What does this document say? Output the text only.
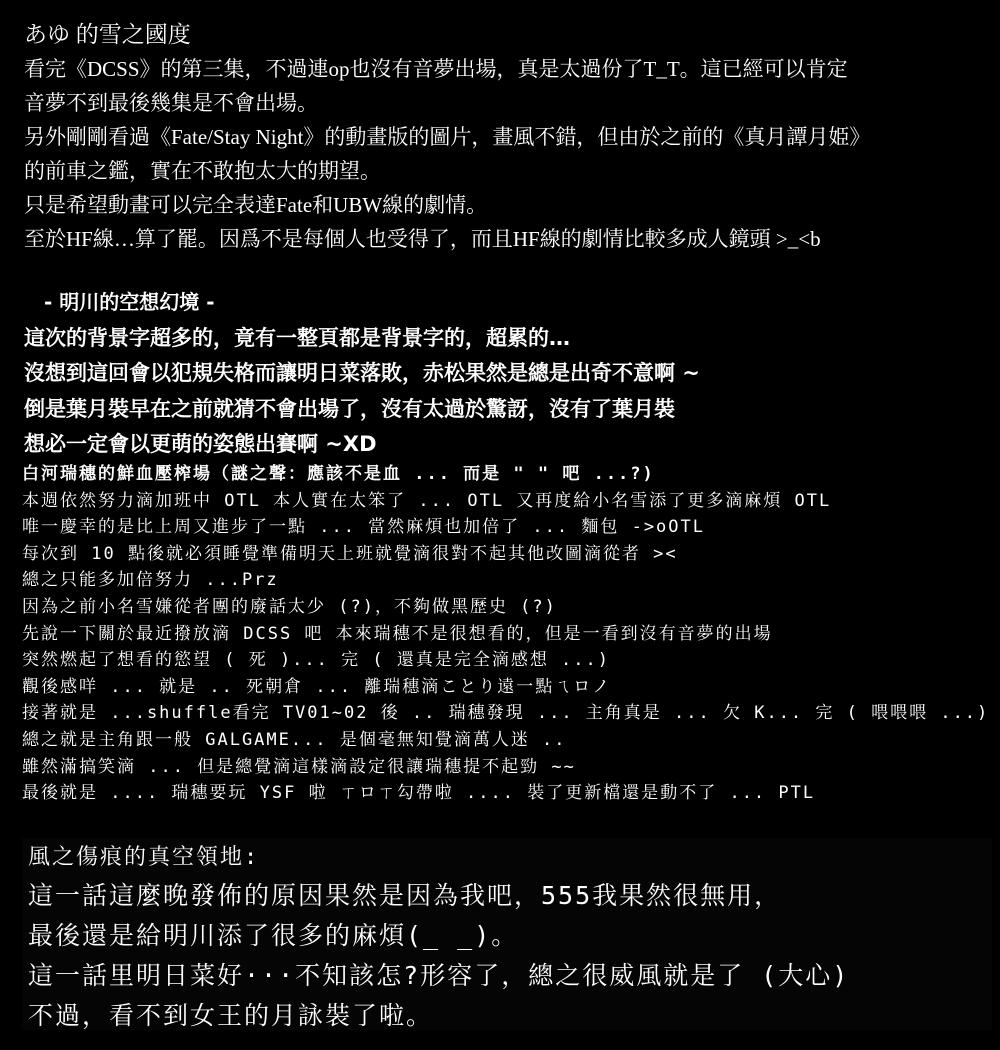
あゆ 的雪之國度
看完《DCSS》的第三集，不過連op也沒有音夢出場，真是太過份了T_T。這已經可以肯定
音夢不到最後幾集是不會出場。
另外剛剛看過《Fate/Stay Night》的動畫版的圖片，畫風不錯，但由於之前的《真月譚月姫》
的前車之鑑，實在不敢抱太大的期望。
只是希望動畫可以完全表達Fate和UBW線的劇情。
至於HF線…算了罷。因爲不是每個人也受得了，而且HF線的劇情比較多成人鏡頭 >_<b
- 明川的空想幻境 -
這次的背景字超多的，竟有一整頁都是背景字的，超累的…
沒想到這回會以犯規失格而讓明日菜落敗，赤松果然是總是出奇不意啊 ~
倒是葉月裝早在之前就猜不會出場了，沒有太過於驚訝，沒有了葉月裝
想必一定會以更萌的姿態出賽啊 ~XD
白河瑞穗的鮮血壓榨場（謎之聲：應該不是血 ... 而是 " " 吧 ...?)
本週依然努力滴加班中 OTL 本人實在太笨了 ... OTL 又再度給小名雪添了更多滴麻煩 OTL
唯一慶幸的是比上周又進步了一點 ... 當然麻煩也加倍了 ... 麵包 ->oOTL
每次到 10 點後就必須睡覺準備明天上班就覺滴很對不起其他改圖滴從者 ><
總之只能多加倍努力 ...Prz
因為之前小名雪嫌從者團的廢話太少 (?)，不夠做黑歷史 (?)
先說一下關於最近撥放滴 DCSS 吧 本來瑞穗不是很想看的，但是一看到沒有音夢的出場
突然燃起了想看的慾望 ( 死 )... 完 ( 還真是完全滴感想 ...)
觀後感咩 ... 就是 .. 死朝倉 ... 離瑞穗滴ことり遠一點ㄟロノ
接著就是 ...shuffle看完 TV01~02 後 .. 瑞穗發現 ... 主角真是 ... 欠 K... 完 ( 喂喂喂 ...)
總之就是主角跟一般 GALGAME... 是個毫無知覺滴萬人迷 ..
雖然滿搞笑滴 ... 但是總覺滴這樣滴設定很讓瑞穗提不起勁 ~~
最後就是 .... 瑞穗要玩 YSF 啦 ㄒロㄒ勾帶啦 .... 裝了更新檔還是動不了 ... PTL
風之傷痕的真空領地:
這一話這麼晚發佈的原因果然是因為我吧，555我果然很無用，
最後還是給明川添了很多的麻煩(_ _)。
這一話里明日菜好···不知該怎?形容了，總之很威風就是了 (大心)
不過，看不到女王的月詠裝了啦。
